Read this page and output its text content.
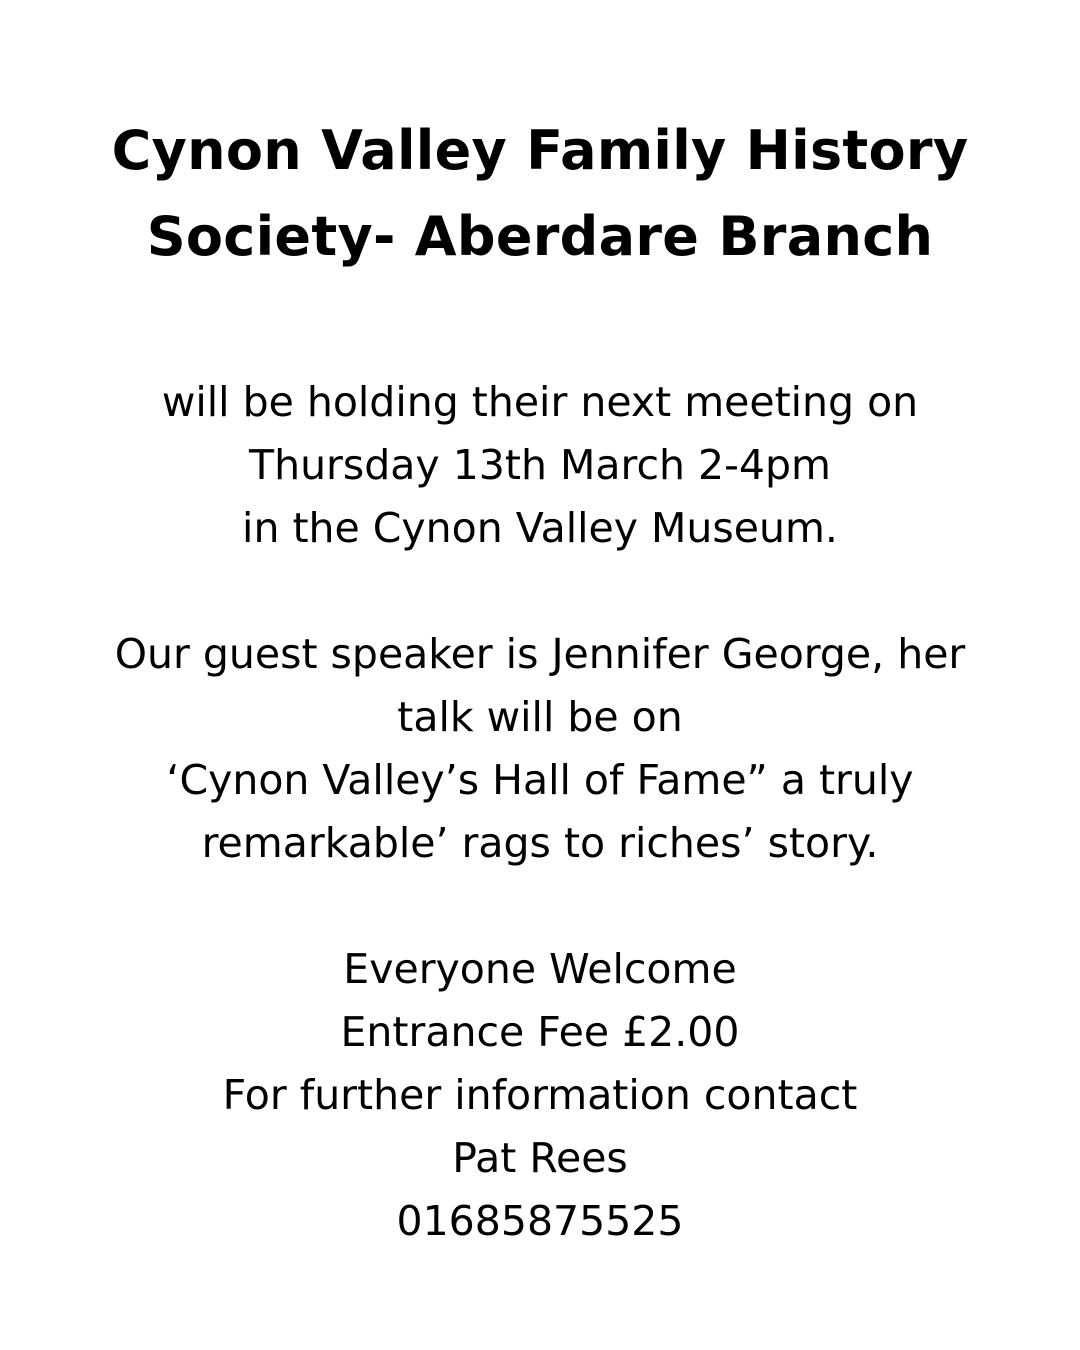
Cynon Valley Family History
Society- Aberdare Branch
will be holding their next meeting on
Thursday 13th March 2-4pm
in the Cynon Valley Museum.
Our guest speaker is Jennifer George, her
talk will be on
‘Cynon Valley’s Hall of Fame” a truly
remarkable’ rags to riches’ story.
Everyone Welcome
Entrance Fee £2.00
For further information contact
Pat Rees
01685875525
